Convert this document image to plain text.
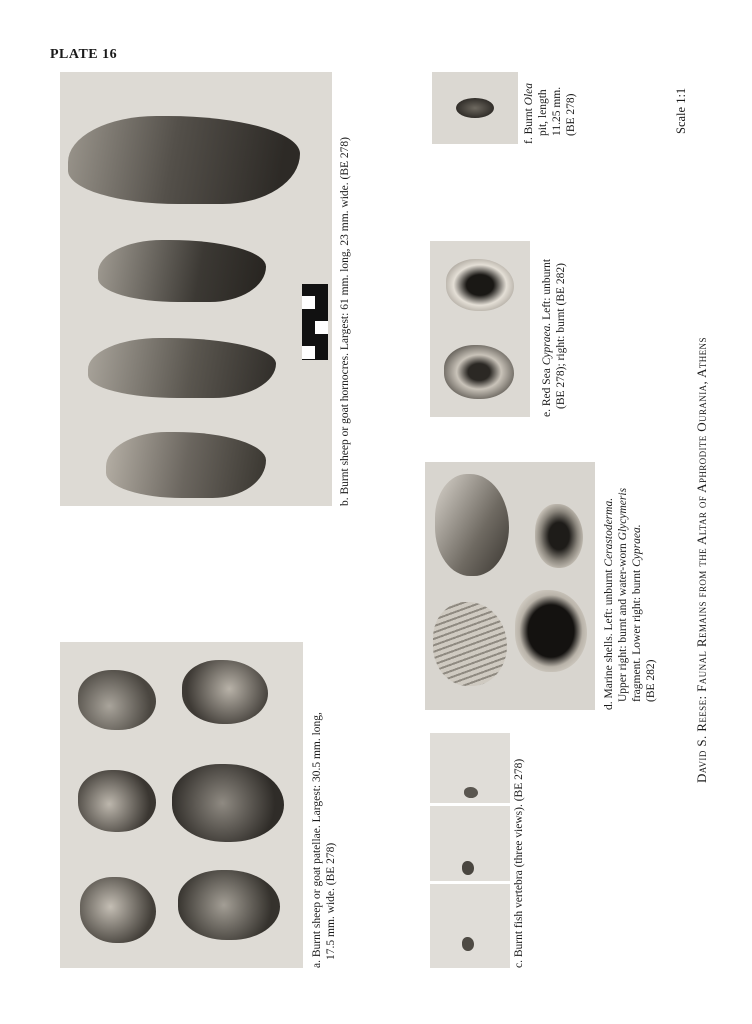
PLATE 16
a. Burnt sheep or goat patellae. Largest: 30.5 mm. long, 17.5 mm. wide. (BE 278)
b. Burnt sheep or goat hornocres. Largest: 61 mm. long, 23 mm. wide. (BE 278)
c. Burnt fish vertebra (three views). (BE 278)
d. Marine shells. Left: unburnt Cerastoderma.
Upper right: burnt and water-worn Glycymeris
fragment. Lower right: burnt Cypraea.
(BE 282)
e. Red Sea Cypraea. Left: unburnt (BE 278); right: burnt (BE 282)
f. Burnt Olea pit, length 11.25 mm. (BE 278)	Scale 1:1
David S. Reese: Faunal Remains from the Altar of Aphrodite Ourania, Athens
